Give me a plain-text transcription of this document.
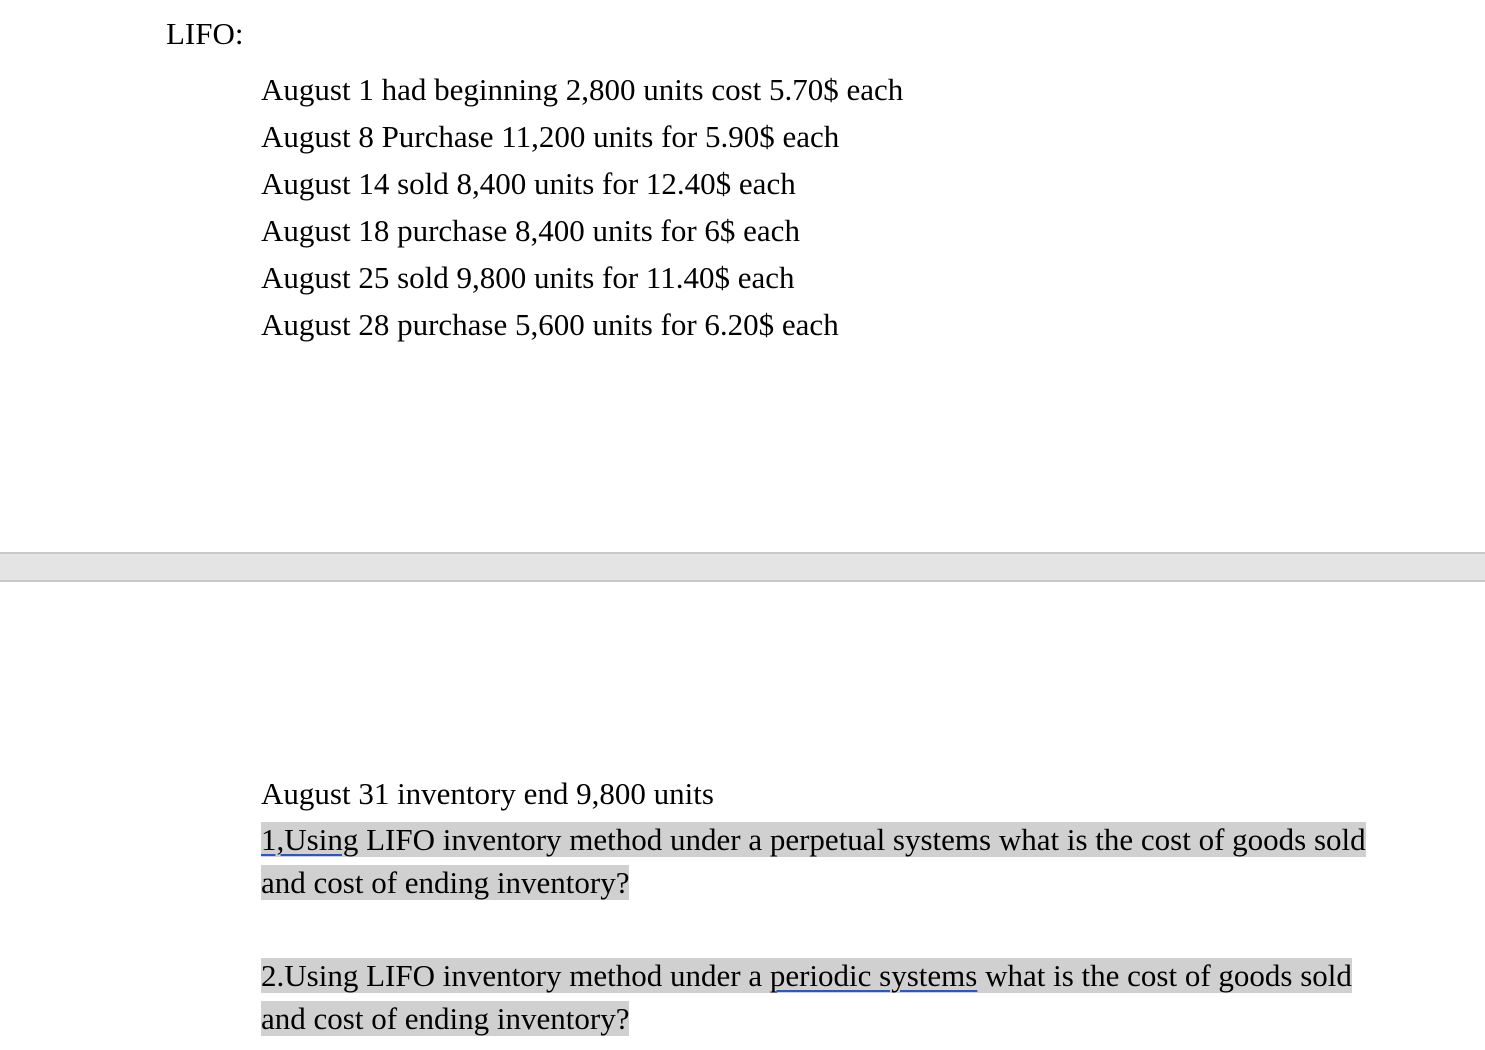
LIFO:
August 1 had beginning 2,800 units cost 5.70$ each
August 8 Purchase 11,200 units for 5.90$ each
August 14 sold 8,400 units for 12.40$ each
August 18 purchase 8,400 units for 6$ each
August 25 sold 9,800 units for 11.40$ each
August 28 purchase 5,600 units for 6.20$ each
August 31 inventory end 9,800 units
1,Using LIFO inventory method under a perpetual systems what is the cost of goods sold
and cost of ending inventory?
2.Using LIFO inventory method under a periodic systems what is the cost of goods sold
and cost of ending inventory?
